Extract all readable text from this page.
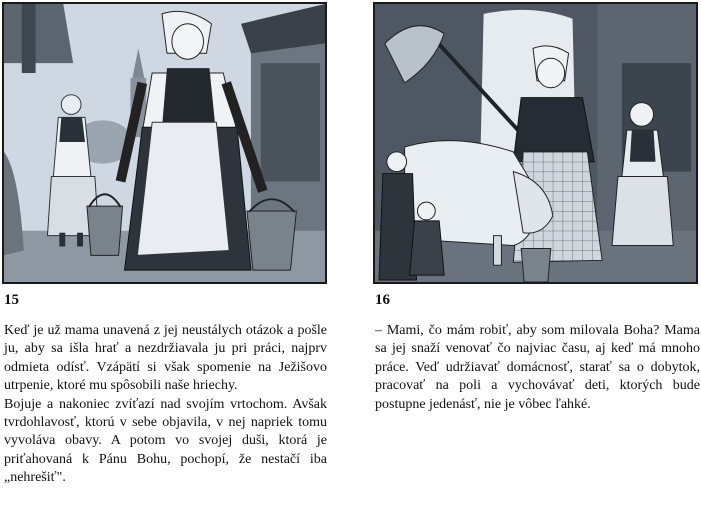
15	16

Keď je už mama unavená z jej neustálych otázok a pošle ju, aby sa išla hrať a nezdržiavala ju pri práci, najprv odmieta odísť. Vzápätí si však spomenie na Ježišovo utrpenie, ktoré mu spôsobili naše hriechy.

Bojuje a nakoniec zvíťazí nad svojím vrtochom. Avšak tvrdohlavosť, ktorú v sebe objavila, v nej napriek tomu vyvoláva obavy. A potom vo svojej duši, ktorá je priťahovaná k Pánu Bohu, pochopí, že nestačí iba „nehrešiť".

– Mami, čo mám robiť, aby som milovala Boha? Mama sa jej snaží venovať čo najviac času, aj keď má mnoho práce. Veď udržiavať domácnosť, starať sa o dobytok, pracovať na poli a vychovávať deti, ktorých bude postupne jedenásť, nie je vôbec ľahké.
